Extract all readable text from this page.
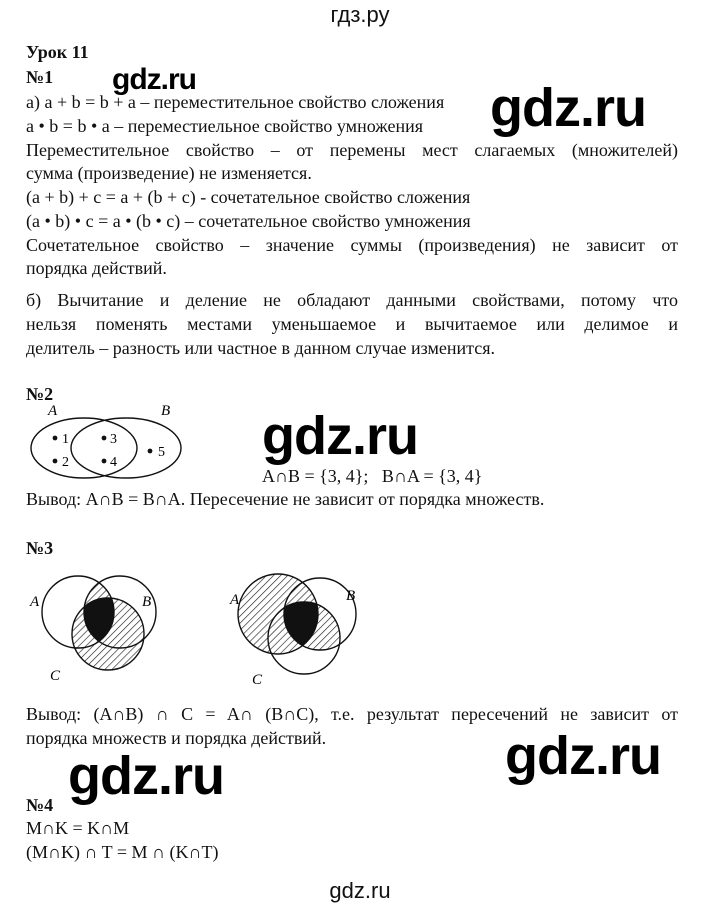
гдз.ру
gdz.ru
gdz.ru	gdz.ru
gdz.ru
gdz.ru
gdz.ru
Урок 11
№1
а) a + b = b + a – переместительное свойство сложения
a • b = b • a – переместиельное свойство умножения
Переместительное свойство – от перемены мест слагаемых (множителей)
сумма (произведение) не изменяется.
(a + b) + c = a + (b + c) - сочетательное свойство сложения
(a • b) • c = a • (b • c) – сочетательное свойство умножения
Сочетательное свойство – значение суммы (произведения) не зависит от
порядка действий.
б) Вычитание и деление не обладают данными свойствами, потому что
нельзя поменять местами уменьшаемое и вычитаемое или делимое и
делитель – разность или частное в данном случае изменится.
№2
A	B
1
2
3
4
5
A∩B = {3, 4};   B∩A = {3, 4}
Вывод: A∩B = B∩A. Пересечение не зависит от порядка множеств.
№3
A	B
C
A	B
C
Вывод: (A∩B) ∩ C = A∩ (B∩C), т.е. результат пересечений не зависит от
порядка множеств и порядка действий.
№4
M∩K = K∩M
(M∩K) ∩ T = M ∩ (K∩T)
